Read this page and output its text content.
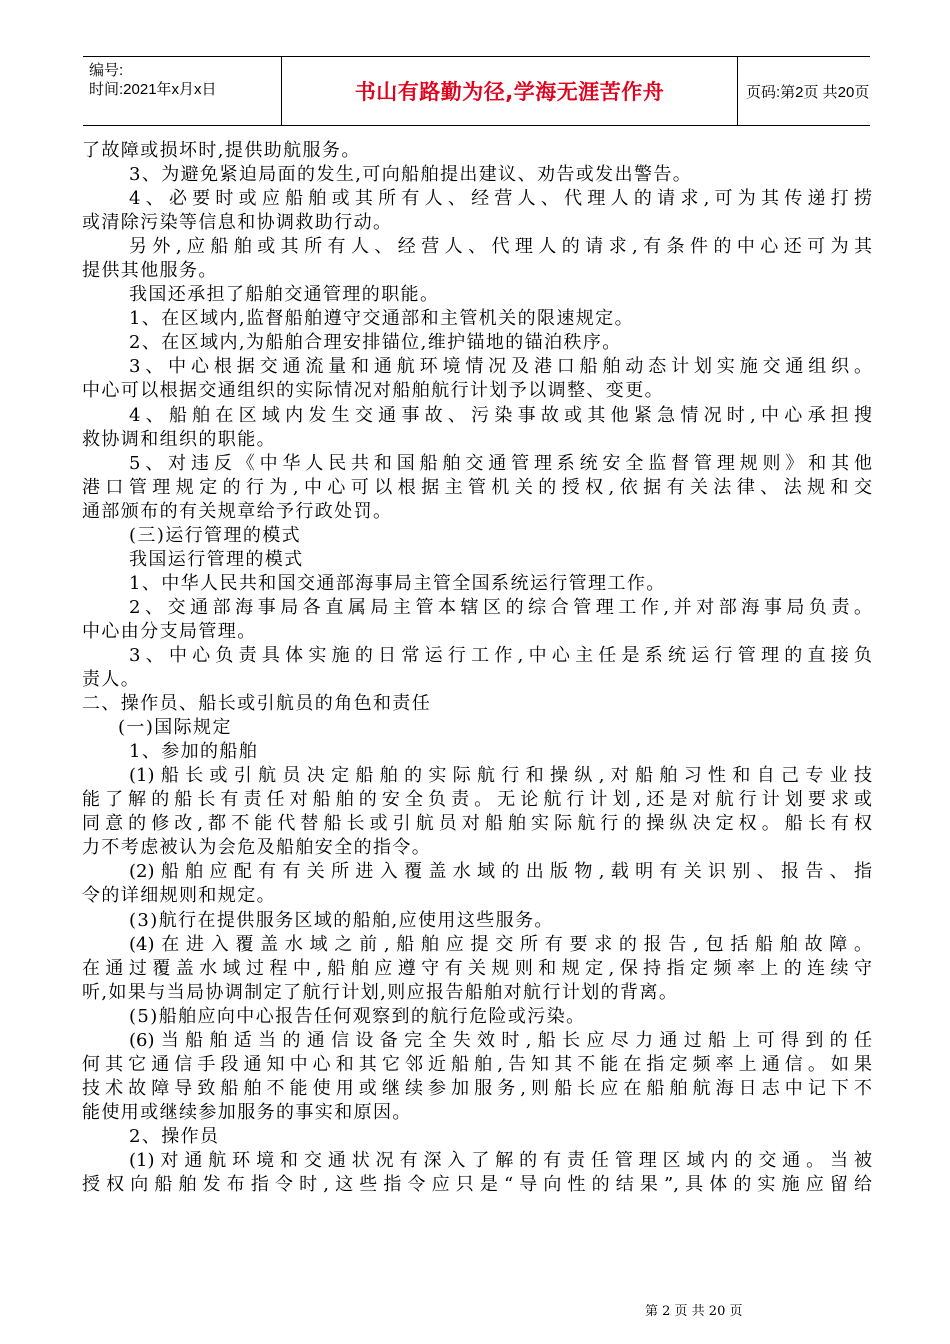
编号:
时间:2021年x月x日	书山有路勤为径,学海无涯苦作舟	页码:第2页 共20页
了故障或损坏时,提供助航服务。
3、为避免紧迫局面的发生,可向船舶提出建议、劝告或发出警告。
4、必要时或应船舶或其所有人、经营人、代理人的请求,可为其传递打捞
或清除污染等信息和协调救助行动。
另外,应船舶或其所有人、经营人、代理人的请求,有条件的中心还可为其
提供其他服务。
我国还承担了船舶交通管理的职能。
1、在区域内,监督船舶遵守交通部和主管机关的限速规定。
2、在区域内,为船舶合理安排锚位,维护锚地的锚泊秩序。
3、中心根据交通流量和通航环境情况及港口船舶动态计划实施交通组织。
中心可以根据交通组织的实际情况对船舶航行计划予以调整、变更。
4、船舶在区域内发生交通事故、污染事故或其他紧急情况时,中心承担搜
救协调和组织的职能。
5、对违反《中华人民共和国船舶交通管理系统安全监督管理规则》和其他
港口管理规定的行为,中心可以根据主管机关的授权,依据有关法律、法规和交
通部颁布的有关规章给予行政处罚。
(三)运行管理的模式
我国运行管理的模式
1、中华人民共和国交通部海事局主管全国系统运行管理工作。
2、交通部海事局各直属局主管本辖区的综合管理工作,并对部海事局负责。
中心由分支局管理。
3、中心负责具体实施的日常运行工作,中心主任是系统运行管理的直接负
责人。
二、操作员、船长或引航员的角色和责任
(一)国际规定
1、参加的船舶
(1)船长或引航员决定船舶的实际航行和操纵,对船舶习性和自己专业技
能了解的船长有责任对船舶的安全负责。无论航行计划,还是对航行计划要求或
同意的修改,都不能代替船长或引航员对船舶实际航行的操纵决定权。船长有权
力不考虑被认为会危及船舶安全的指令。
(2)船舶应配有有关所进入覆盖水域的出版物,载明有关识别、报告、指
令的详细规则和规定。
(3)航行在提供服务区域的船舶,应使用这些服务。
(4)在进入覆盖水域之前,船舶应提交所有要求的报告,包括船舶故障。
在通过覆盖水域过程中,船舶应遵守有关规则和规定,保持指定频率上的连续守
听,如果与当局协调制定了航行计划,则应报告船舶对航行计划的背离。
(5)船舶应向中心报告任何观察到的航行危险或污染。
(6)当船舶适当的通信设备完全失效时,船长应尽力通过船上可得到的任
何其它通信手段通知中心和其它邻近船舶,告知其不能在指定频率上通信。如果
技术故障导致船舶不能使用或继续参加服务,则船长应在船舶航海日志中记下不
能使用或继续参加服务的事实和原因。
2、操作员
(1)对通航环境和交通状况有深入了解的有责任管理区域内的交通。当被
授权向船舶发布指令时,这些指令应只是“导向性的结果”,具体的实施应留给
第 2 页 共 20 页
